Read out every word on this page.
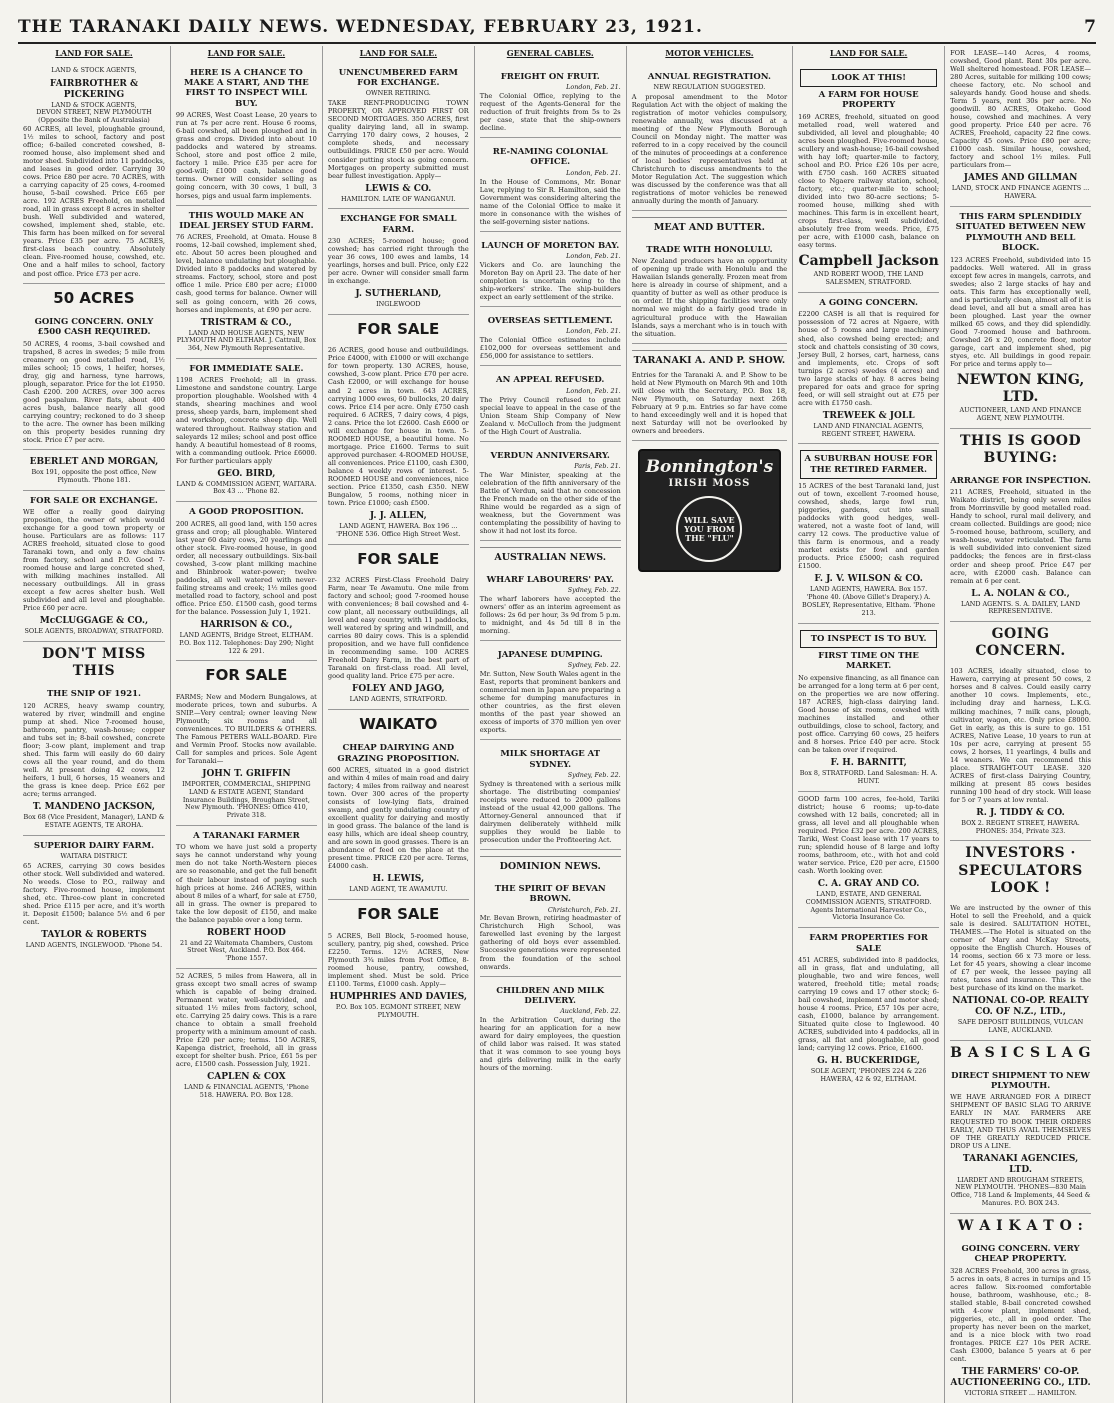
THE TARANAKI DAILY NEWS. WEDNESDAY, FEBRUARY 23, 1921.	7
LAND FOR SALE.
LAND & STOCK AGENTS,
FAIRBROTHER & PICKERING
LAND & STOCK AGENTS,
DEVON STREET, NEW PLYMOUTH
(Opposite the Bank of Australasia)
60 ACRES, all level, ploughable ground, 1½ miles to school, factory and post office; 6-bailed concreted cowshed, 8-roomed house, also implement shed and motor shed. Subdivided into 11 paddocks, and leases in good order. Carrying 30 cows. Price £80 per acre. 70 ACRES, with a carrying capacity of 25 cows, 4-roomed house, 5-bail cowshed. Price £65 per acre. 192 ACRES Freehold, on metalled road, all in grass except 8 acres in shelter bush. Well subdivided and watered, cowshed, implement shed, stable, etc. This farm has been milked on for several years. Price £35 per acre. 75 ACRES, first-class beach country. Absolutely clean. Five-roomed house, cowshed, etc. One and a half miles to school, factory and post office. Price £73 per acre.
50 ACRES
GOING CONCERN. ONLY £500 CASH REQUIRED.
50 ACRES, 4 rooms, 3-bail cowshed and trapshed, 8 acres in swedes; 5 mile from creamery on good metalled road, 1½ miles school; 15 cows, 1 heifer, horses, dray, gig and harness, tyne harrows, plough, separator. Price for the lot £1950. Cash £200. 200 ACRES, over 300 acres good paspalum. River flats, about 400 acres bush, balance nearly all good carrying country; reckoned to do 3 sheep to the acre. The owner has been milking on this property besides running dry stock. Price £7 per acre.
EBERLET AND MORGAN,
Box 191, opposite the post office, New Plymouth. 'Phone 181.
FOR SALE OR EXCHANGE.
WE offer a really good dairying proposition, the owner of which would exchange for a good town property or house. Particulars are as follows: 117 ACRES freehold, situated close to good Taranaki town, and only a few chains from factory, school and P.O. Good 7-roomed house and large concreted shed, with milking machines installed. All necessary outbuildings. All in grass except a few acres shelter bush. Well subdivided and all level and ploughable. Price £60 per acre.
McCLUGGAGE & CO.,
SOLE AGENTS, BROADWAY, STRATFORD.
DON'T MISS THIS
THE SNIP OF 1921.
120 ACRES, heavy swamp country, watered by river, windmill and engine pump at shed. Nice 7-roomed house, bathroom, pantry, wash-house; copper and tubs set in; 8-bail cowshed, concrete floor; 3-cow plant, implement and trap shed. This farm will easily do 60 dairy cows all the year round, and do them well. At present doing 42 cows, 12 heifers, 1 bull, 6 horses, 15 weaners and the grass is knee deep. Price £62 per acre; terms arranged.
T. MANDENO JACKSON,
Box 68 (Vice President, Manager), LAND & ESTATE AGENTS, TE AROHA.
SUPERIOR DAIRY FARM.
WAITARA DISTRICT.
65 ACRES, carrying 30 cows besides other stock. Well subdivided and watered. No weeds. Close to P.O., railway and factory. Five-roomed house, implement shed, etc. Three-cow plant in concreted shed. Price £115 per acre, and it's worth it. Deposit £1500; balance 5½ and 6 per cent.
TAYLOR & ROBERTS
LAND AGENTS, INGLEWOOD. 'Phone 54.
LAND FOR SALE.
HERE IS A CHANCE TO MAKE A START, AND THE FIRST TO INSPECT WILL BUY.
99 ACRES, West Coast Lease, 20 years to run at 7s per acre rent. House 6 rooms, 6-bail cowshed, all been ploughed and in grass and crops. Divided into about 10 paddocks and watered by streams. School, store and post office 2 mile, factory 1 mile. Price £35 per acre for good-will; £1000 cash, balance good terms. Owner will consider selling as going concern, with 30 cows, 1 bull, 3 horses, pigs and usual farm implements.
THIS WOULD MAKE AN IDEAL JERSEY STUD FARM.
76 ACRES, Freehold, at Omata. House 8 rooms, 12-bail cowshed, implement shed, etc. About 50 acres been ploughed and level, balance undulating but ploughable. Divided into 8 paddocks and watered by streams. Factory, school, store and post office 1 mile. Price £80 per acre; £1000 cash, good terms for balance. Owner will sell as going concern, with 26 cows, horses and implements, at £90 per acre.
TRISTRAM & CO.,
LAND AND HOUSE AGENTS, NEW PLYMOUTH AND ELTHAM. J. Cattrall, Box 364, New Plymouth Representative.
FOR IMMEDIATE SALE.
1198 ACRES Freehold; all in grass. Limestone and sandstone country. Large proportion ploughable. Woolshed with 4 stands, shearing machines and wool press, sheep yards, barn, implement shed and workshop, concrete sheep dip. Well watered throughout. Railway station and saleyards 12 miles; school and post office handy. A beautiful homestead of 8 rooms, with a commanding outlook. Price £6000. For further particulars apply
GEO. BIRD,
LAND & COMMISSION AGENT, WAITARA. Box 43 ... 'Phone 82.
A GOOD PROPOSITION.
200 ACRES, all good land, with 150 acres grass and crop; all ploughable. Wintered last year 60 dairy cows, 20 yearlings and other stock. Five-roomed house, in good order, all necessary outbuildings. Six-bail cowshed, 3-cow plant milking machine and Bhinbrook water-power; twelve paddocks, all well watered with never-failing streams and creek; 1½ miles good metalled road to factory, school and post office. Price £50. £1500 cash, good terms for the balance. Possession July 1, 1921.
HARRISON & CO.,
LAND AGENTS, Bridge Street, ELTHAM. P.O. Box 112. Telephones: Day 290; Night 122 & 291.
FOR SALE
FARMS; New and Modern Bungalows, at moderate prices, town and suburbs. A SNIP.—Very central; owner leaving New Plymouth; six rooms and all conveniences. TO BUILDERS & OTHERS. The Famous PETERS WALL-BOARD. Fire and Vermin Proof. Stocks now available. Call for samples and prices. Sole Agent for Taranaki—
JOHN T. GRIFFIN
IMPORTER, COMMERCIAL, SHIPPING LAND & ESTATE AGENT, Standard Insurance Buildings, Brougham Street, New Plymouth. 'PHONES: Office 410, Private 318.
A TARANAKI FARMER
TO whom we have just sold a property says he cannot understand why young men do not take North-Western pieces are so reasonable, and get the full benefit of their labour instead of paying such high prices at home. 246 ACRES, within about 8 miles of a wharf, for sale at £750, all in grass. The owner is prepared to take the low deposit of £150, and make the balance payable over a long term.
ROBERT HOOD
21 and 22 Waitemata Chambers, Custom Street West, Auckland. P.O. Box 464. 'Phone 1557.
52 ACRES, 5 miles from Hawera, all in grass except two small acres of swamp which is capable of being drained. Permanent water, well-subdivided, and situated 1½ miles from factory, school, etc. Carrying 25 dairy cows. This is a rare chance to obtain a small freehold property with a minimum amount of cash. Price £20 per acre; terms. 150 ACRES, Kapenga district, freehold, all in grass except for shelter bush. Price, £61 5s per acre, £1500 cash. Possession July, 1921.
CAPLEN & COX
LAND & FINANCIAL AGENTS, 'Phone 518. HAWERA. P.O. Box 128.
LAND FOR SALE.
UNENCUMBERED FARM FOR EXCHANGE.
OWNER RETIRING.
TAKE RENT-PRODUCING TOWN PROPERTY, OR APPROVED FIRST OR SECOND MORTGAGES. 350 ACRES, first quality dairying land, all in swamp. Carrying 170 dairy cows, 2 houses, 2 complete sheds, and necessary outbuildings. PRICE £50 per acre. Would consider putting stock as going concern. Mortgages on property submitted must bear fullest investigation. Apply—
LEWIS & CO.
HAMILTON. LATE OF WANGANUI.
EXCHANGE FOR SMALL FARM.
230 ACRES; 5-roomed house; good cowshed; has carried right through the year 36 cows, 100 ewes and lambs, 14 yearlings, horses and bull. Price, only £22 per acre. Owner will consider small farm in exchange.
J. SUTHERLAND,
INGLEWOOD
FOR SALE
26 ACRES, good house and outbuildings. Price £4000, with £1000 or will exchange for town property. 130 ACRES, house, cowshed, 3-cow plant. Price £70 per acre. Cash £2000, or will exchange for house and 2 acres in town. 643 ACRES, carrying 1000 ewes, 60 bullocks, 20 dairy cows. Price £14 per acre. Only £750 cash required. 6 ACRES, 7 dairy cows, 4 pigs, 2 cans. Price the lot £2600. Cash £600 or will exchange for house in town. 5-ROOMED HOUSE, a beautiful home. No mortgage. Price £1600. Terms to suit approved purchaser. 4-ROOMED HOUSE, all conveniences. Price £1100, cash £300, balance 4 weekly rows of interest. 5-ROOMED HOUSE and conveniences, nice section. Price £1350, cash £350. NEW Bungalow, 5 rooms, nothing nicer in town. Price £1000; cash £500.
J. J. ALLEN,
LAND AGENT, HAWERA. Box 196 ... 'PHONE 536. Office High Street West.
FOR SALE
232 ACRES First-Class Freehold Dairy Farm, near Te Awamutu. One mile from factory and school; good 7-roomed house with conveniences; 8 bail cowshed and 4-cow plant, all necessary outbuildings, all level and easy country, with 11 paddocks, well watered by spring and windmill, and carries 80 dairy cows. This is a splendid proposition, and we have full confidence in recommending same. 100 ACRES Freehold Dairy Farm, in the best part of Taranaki on first-class road. All level, good quality land. Price £75 per acre.
FOLEY AND JAGO,
LAND AGENTS, STRATFORD.
WAIKATO
CHEAP DAIRYING AND GRAZING PROPOSITION.
600 ACRES, situated in a good district and within 4 miles of main road and dairy factory; 4 miles from railway and nearest town. Over 300 acres of the property consists of low-lying flats, drained swamp, and gently undulating country of excellent quality for dairying and mostly in good grass. The balance of the land is easy hills, which are ideal sheep country, and are sown in good grasses. There is an abundance of feed on the place at the present time. PRICE £20 per acre. Terms, £4000 cash.
H. LEWIS,
LAND AGENT, TE AWAMUTU.
FOR SALE
5 ACRES, Bell Block, 5-roomed house, scullery, pantry, pig shed, cowshed. Price £2250. Terms. 12½ ACRES, New Plymouth 3¾ miles from Post Office, 8-roomed house, pantry, cowshed, implement shed. Must be sold. Price £1100. Terms, £1000 cash. Apply—
HUMPHRIES AND DAVIES,
P.O. Box 105. EGMONT STREET, NEW PLYMOUTH.
GENERAL CABLES.
FREIGHT ON FRUIT.
London, Feb. 21.
The Colonial Office, replying to the request of the Agents-General for the reduction of fruit freights from 5s to 2s per case, state that the ship-owners decline.
RE-NAMING COLONIAL OFFICE.
London, Feb. 21.
In the House of Commons, Mr. Bonar Law, replying to Sir R. Hamilton, said the Government was considering altering the name of the Colonial Office to make it more in consonance with the wishes of the self-governing sister nations.
LAUNCH OF MORETON BAY.
London, Feb. 21.
Vickers and Co. are launching the Moreton Bay on April 23. The date of her completion is uncertain owing to the ship-workers' strike. The ship-builders expect an early settlement of the strike.
OVERSEAS SETTLEMENT.
London, Feb. 21.
The Colonial Office estimates include £102,000 for overseas settlement and £56,000 for assistance to settlers.
AN APPEAL REFUSED.
London, Feb. 21.
The Privy Council refused to grant special leave to appeal in the case of the Union Steam Ship Company of New Zealand v. McCulloch from the judgment of the High Court of Australia.
VERDUN ANNIVERSARY.
Paris, Feb. 21.
The War Minister, speaking at the celebration of the fifth anniversary of the Battle of Verdun, said that no concession the French made on the other side of the Rhine would be regarded as a sign of weakness, but the Government was contemplating the possibility of having to show it had not lost its force.
AUSTRALIAN NEWS.
WHARF LABOURERS' PAY.
Sydney, Feb. 22.
The wharf laborers have accepted the owners' offer as an interim agreement as follows: 2s 6d per hour, 3s 9d from 5 p.m. to midnight, and 4s 5d till 8 in the morning.
JAPANESE DUMPING.
Sydney, Feb. 22.
Mr. Sutton, New South Wales agent in the East, reports that prominent bankers and commercial men in Japan are preparing a scheme for dumping manufactures in other countries, as the first eleven months of the past year showed an excess of imports of 370 million yen over exports.
MILK SHORTAGE AT SYDNEY.
Sydney, Feb. 22.
Sydney is threatened with a serious milk shortage. The distributing companies' receipts were reduced to 2000 gallons instead of the usual 42,000 gallons. The Attorney-General announced that if dairymen deliberately withheld milk supplies they would be liable to prosecution under the Profiteering Act.
DOMINION NEWS.
THE SPIRIT OF BEVAN BROWN.
Christchurch, Feb. 21.
Mr. Bevan Brown, retiring headmaster of Christchurch High School, was farewelled last evening by the largest gathering of old boys ever assembled. Successive generations were represented from the foundation of the school onwards.
CHILDREN AND MILK DELIVERY.
Auckland, Feb. 22.
In the Arbitration Court, during the hearing for an application for a new award for dairy employees, the question of child labor was raised. It was stated that it was common to see young boys and girls delivering milk in the early hours of the morning.
MOTOR VEHICLES.
ANNUAL REGISTRATION.
NEW REGULATION SUGGESTED.
A proposal amendment to the Motor Regulation Act with the object of making the registration of motor vehicles compulsory, renewable annually, was discussed at a meeting of the New Plymouth Borough Council on Monday night. The matter was referred to in a copy received by the council of the minutes of proceedings at a conference of local bodies' representatives held at Christchurch to discuss amendments to the Motor Regulation Act. The suggestion which was discussed by the conference was that all registrations of motor vehicles be renewed annually during the month of January.
MEAT AND BUTTER.
TRADE WITH HONOLULU.
New Zealand producers have an opportunity of opening up trade with Honolulu and the Hawaiian Islands generally. Frozen meat from here is already in course of shipment, and a quantity of butter as well as other produce is on order. If the shipping facilities were only normal we might do a fairly good trade in agricultural produce with the Hawaiian Islands, says a merchant who is in touch with the situation.
TARANAKI A. AND P. SHOW.
Entries for the Taranaki A. and P. Show to be held at New Plymouth on March 9th and 10th will close with the Secretary, P.O. Box 18, New Plymouth, on Saturday next 26th February at 9 p.m. Entries so far have come to hand exceedingly well and it is hoped that next Saturday will not be overlooked by owners and breeders.
Bonnington's
IRISH MOSS
WILL SAVE YOU FROM THE "FLU"
LAND FOR SALE.
LOOK AT THIS!
A FARM FOR HOUSE PROPERTY
169 ACRES, freehold, situated on good metalled road, well watered and subdivided, all level and ploughable; 40 acres been ploughed. Five-roomed house, scullery and wash-house; 16-bail cowshed with hay loft; quarter-mile to factory, school and P.O. Price £26 10s per acre, with £750 cash. 160 ACRES situated close to Ngaere railway station, school, factory, etc.; quarter-mile to school; divided into two 80-acre sections; 5-roomed house, milking shed with machines. This farm is in excellent heart, crops first-class, well subdivided, absolutely free from weeds. Price, £75 per acre, with £1000 cash, balance on easy terms.
Campbell Jackson
AND ROBERT WOOD, THE LAND SALESMEN, STRATFORD.
A GOING CONCERN.
£2200 CASH is all that is required for possession of 72 acres at Ngaere, with house of 5 rooms and large machinery shed, also cowshed being erected; and stock and chattels consisting of 30 cows, Jersey Bull, 2 horses, cart, harness, cans and implements, etc. Crops of soft turnips (2 acres) swedes (4 acres) and two large stacks of hay. 8 acres being prepared for oats and grace for spring feed, or will sell straight out at £75 per acre with £1750 cash.
TREWEEK & JOLL
LAND AND FINANCIAL AGENTS, REGENT STREET, HAWERA.
A SUBURBAN HOUSE FOR THE RETIRED FARMER.
15 ACRES of the best Taranaki land, just out of town, excellent 7-roomed house, cowshed, sheds, large fowl run, piggeries, gardens, cut into small paddocks with good hedges, well-watered, not a waste foot of land, will carry 12 cows. The productive value of this farm is enormous, and a ready market exists for fowl and garden products. Price £5000; cash required £1500.
F. J. V. WILSON & CO.
LAND AGENTS, HAWERA. Box 157. 'Phone 40. (Above Gillet's Drapery.) A. BOSLEY, Representative, Eltham. 'Phone 213.
TO INSPECT IS TO BUY.
FIRST TIME ON THE MARKET.
No expensive financing, as all finance can be arranged for a long term at 6 per cent, on the properties we are now offering. 187 ACRES, high-class dairying land. Good house of six rooms, cowshed with machines installed and other outbuildings, close to school, factory, and post office. Carrying 60 cows, 25 heifers and 8 horses. Price £40 per acre. Stock can be taken over if required.
F. H. BARNITT,
Box 8, STRATFORD. Land Salesman: H. A. HUNT.
GOOD farm 100 acres, fee-hold, Tariki district; house 6 rooms; up-to-date cowshed with 12 bails, concreted; all in grass, all level and all ploughable when required. Price £32 per acre. 200 ACRES, Tariki, West Coast lease with 17 years to run; splendid house of 8 large and lofty rooms, bathroom, etc., with hot and cold water service. Price, £20 per acre, £1500 cash. Worth looking over.
C. A. GRAY AND CO.
LAND, ESTATE, AND GENERAL COMMISSION AGENTS, STRATFORD. Agents International Harvester Co., Victoria Insurance Co.
FARM PROPERTIES FOR SALE
451 ACRES, subdivided into 8 paddocks, all in grass, flat and undulating, all ploughable, two and wire fences, well watered, freehold title; metal roads; carrying 19 cows and 17 other stock; 6-bail cowshed, implement and motor shed; house 4 rooms. Price, £57 10s per acre, cash, £1000, balance by arrangement. Situated quite close to Inglewood. 40 ACRES, subdivided into 4 paddocks, all in grass, all flat and ploughable, all good land; carrying 12 cows. Price, £1600.
G. H. BUCKERIDGE,
SOLE AGENT, 'PHONES 224 & 226 HAWERA, 42 & 92, ELTHAM.
FOR LEASE—140 Acres, 4 rooms, cowshed, Good plant. Rent 30s per acre. Well sheltered homestead. FOR LEASE—280 Acres, suitable for milking 100 cows; cheese factory, etc. No school and saleyards handy. Good house and sheds. Term 5 years, rent 30s per acre. No goodwill. 80 ACRES, Otakeho. Good house, cowshed and machines. A very good property. Price £40 per acre. 76 ACRES, Freehold, capacity 22 fine cows. Capacity 45 cows. Price £80 per acre; £1000 cash. Similar house, cowshed, factory and school 1½ miles. Full particulars from—
JAMES AND GILLMAN
LAND, STOCK AND FINANCE AGENTS ... HAWERA.
THIS FARM SPLENDIDLY SITUATED BETWEEN NEW PLYMOUTH AND BELL BLOCK.
123 ACRES Freehold, subdivided into 15 paddocks. Well watered. All in grass except few acres in mangels, carrots, and swedes; also 2 large stacks of hay and oats. This farm has exceptionally well, and is particularly clean, almost all of it is dead level, and all but a small area has been ploughed. Last year the owner milked 65 cows, and they did splendidly. Good 7-roomed house and bathroom. Cowshed 26 x 20, concrete floor, motor garage, cart and implement shed, pig styes, etc. All buildings in good repair. For price and terms apply to—
NEWTON KING, LTD.
AUCTIONEER, LAND AND FINANCE AGENT, NEW PLYMOUTH.
THIS IS GOOD BUYING:
ARRANGE FOR INSPECTION.
211 ACRES, Freehold, situated in the Waikato district, being only seven miles from Morrinsville by good metalled road. Handy to school, rural mail delivery, and cream collected. Buildings are good; nice 5-roomed house, bathroom, scullery, and wash-house, water reticulated. The farm is well subdivided into convenient sized paddocks; the fences are in first-class order and sheep proof. Price £47 per acre, with £2000 cash. Balance can remain at 6 per cent.
L. A. NOLAN & CO.,
LAND AGENTS. S. A. DAILEY, LAND REPRESENTATIVE.
GOING CONCERN.
103 ACRES, ideally situated, close to Hawera, carrying at present 50 cows, 2 horses and 8 calves. Could easily carry another 10 cows. Implements, etc., including dray and harness, L.K.G. milking machines, 7 milk cans, plough, cultivator, wagon, etc. Only price £8000. Get in early, as this is sure to go. 151 ACRES, Native Lease, 10 years to run at 10s per acre, carrying at present 55 cows, 2 horses, 11 yearlings, 4 bulls and 14 weaners. We can recommend this place. STRAIGHT-OUT LEASE. 320 ACRES of first-class Dairying Country, milking at present 85 cows besides running 100 head of dry stock. Will lease for 5 or 7 years at low rental.
R. J. TIDDY & CO.
BOX 2. REGENT STREET, HAWERA. PHONES: 354, Private 323.
INVESTORS · SPECULATORS LOOK !
We are instructed by the owner of this Hotel to sell the Freehold, and a quick sale is desired. SALUTATION HOTEL, THAMES.—The Hotel is situated on the corner of Mary and McKay Streets, opposite the English Church. Houses of 14 rooms, section 66 x 73 more or less. Let for 45 years, showing a clear income of £7 per week, the lessee paying all rates, taxes and insurance. This is the best purchase of its kind on the market.
NATIONAL CO-OP. REALTY CO. OF N.Z., LTD.,
SAFE DEPOSIT BUILDINGS, VULCAN LANE, AUCKLAND.
B A S I C S L A G
DIRECT SHIPMENT TO NEW PLYMOUTH.
WE HAVE ARRANGED FOR A DIRECT SHIPMENT OF BASIC SLAG TO ARRIVE EARLY IN MAY. FARMERS ARE REQUESTED TO BOOK THEIR ORDERS EARLY, AND THUS AVAIL THEMSELVES OF THE GREATLY REDUCED PRICE. DROP US A LINE.
TARANAKI AGENCIES, LTD.
LIARDET AND BROUGHAM STREETS, NEW PLYMOUTH. 'PHONES—830 Main Office, 718 Land & Implements, 44 Seed & Manures. P.O. BOX 243.
W A I K A T O :
GOING CONCERN. VERY CHEAP PROPERTY.
328 ACRES Freehold, 300 acres in grass, 5 acres in oats, 8 acres in turnips and 15 acres fallow. Six-roomed comfortable house, bathroom, washhouse, etc.; 8-stalled stable, 8-bail concreted cowshed with 4-cow plant, implement shed, piggeries, etc., all in good order. The property has never been on the market, and is a nice block with two road frontages. PRICE £27 10s PER ACRE. Cash £3000, balance 5 years at 6 per cent.
THE FARMERS' CO-OP. AUCTIONEERING CO., LTD.
VICTORIA STREET ... HAMILTON.
